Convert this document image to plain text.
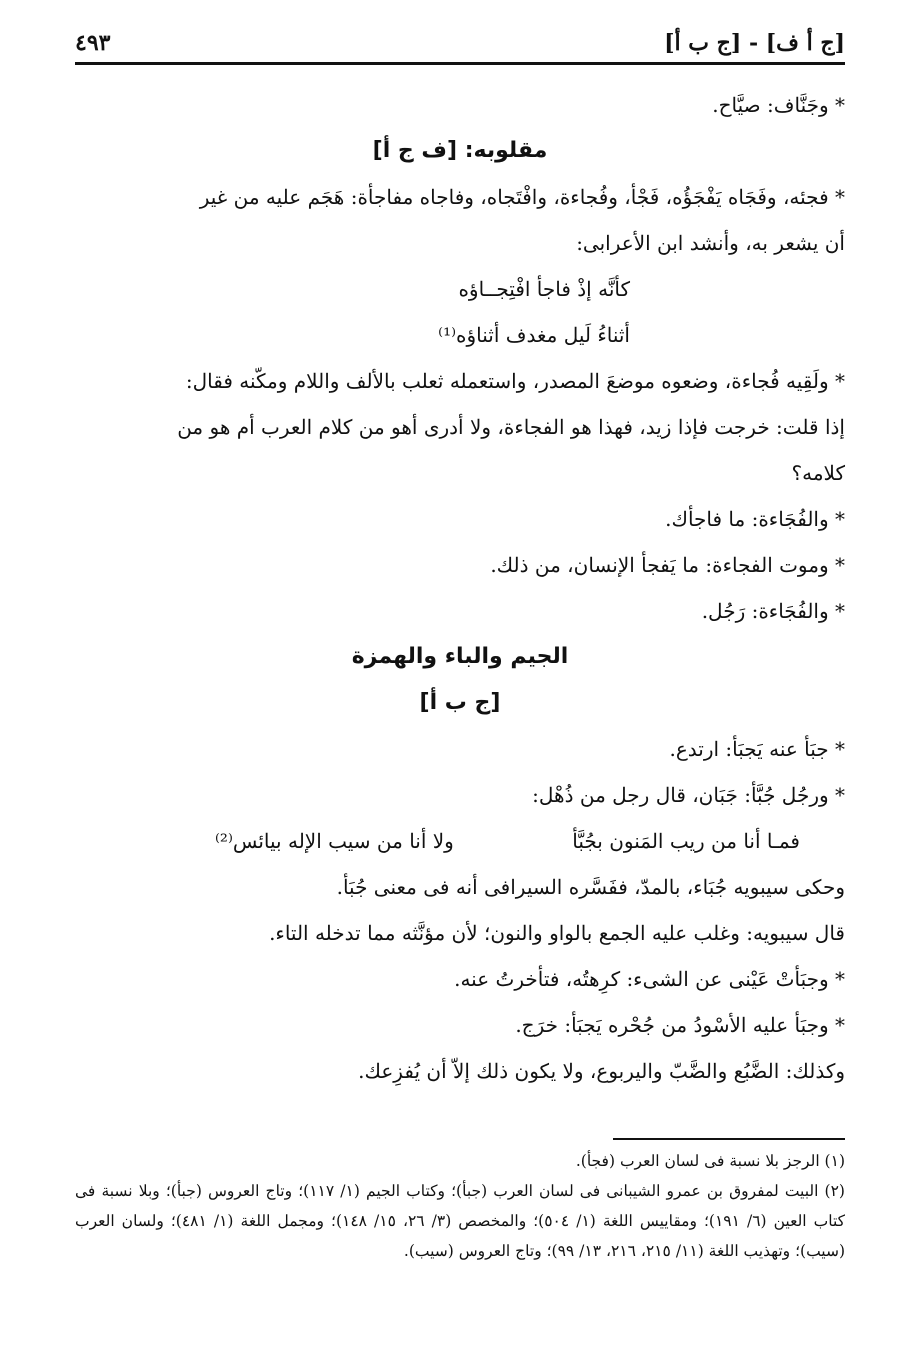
[ج أ ف] - [ج ب أ]
٤٩٣
* وجَنَّاف: صيَّاح.
مقلوبه: [ف ج أ]
* فجئه، وفَجَاه يَفْجَؤُه، فَجْأ، وفُجاءة، وافْتَجاه، وفاجاه مفاجأة: هَجَم عليه من غير
أن يشعر به، وأنشد ابن الأعرابى:
كأنَّه إذْ فاجأ افْتِجــاؤه
أثناءُ لَيل مغدف أثناؤه⁽¹⁾
* ولَقِيه فُجاءة، وضعوه موضعَ المصدر، واستعمله ثعلب بالألف واللام ومكّنه فقال:
إذا قلت: خرجت فإذا زيد، فهذا هو الفجاءة، ولا أدرى أهو من كلام العرب أم هو من
كلامه؟
* والفُجَاءة: ما فاجأك.
* وموت الفجاءة: ما يَفجأ الإنسان، من ذلك.
* والفُجَاءة: رَجُل.
الجيم والباء والهمزة
[ج ب أ]
* جبَأ عنه يَجبَأ: ارتدع.
* ورجُل جُبَّأ: جَبَان، قال رجل من ذُهْل:
فمـا أنا من ريب المَنون بجُبَّأ
ولا أنا من سيب الإله بيائس⁽²⁾
وحكى سيبويه جُبَاء، بالمدّ، ففَسَّره السيرافى أنه فى معنى جُبَأ.
قال سيبويه: وغلب عليه الجمع بالواو والنون؛ لأن مؤنَّثه مما تدخله التاء.
* وجبَأتْ عَيْنى عن الشىء: كرِهتُه، فتأخرتُ عنه.
* وجبَأ عليه الأسْودُ من جُحْره يَجبَأ: خرَج.
وكذلك: الضَّبُع والضَّبّ واليربوع، ولا يكون ذلك إلاّ أن يُفزِعك.
(١) الرجز بلا نسبة فى لسان العرب (فجأ).
(٢) البيت لمفروق بن عمرو الشيبانى فى لسان العرب (جبأ)؛ وكتاب الجيم (١/ ١١٧)؛ وتاج العروس (جبأ)؛ وبلا نسبة فى كتاب العين (٦/ ١٩١)؛ ومقاييس اللغة (١/ ٥٠٤)؛ والمخصص (٣/ ٢٦، ١٥/ ١٤٨)؛ ومجمل اللغة (١/ ٤٨١)؛ ولسان العرب (سيب)؛ وتهذيب اللغة (١١/ ٢١٥، ٢١٦، ١٣/ ٩٩)؛ وتاج العروس (سيب).
